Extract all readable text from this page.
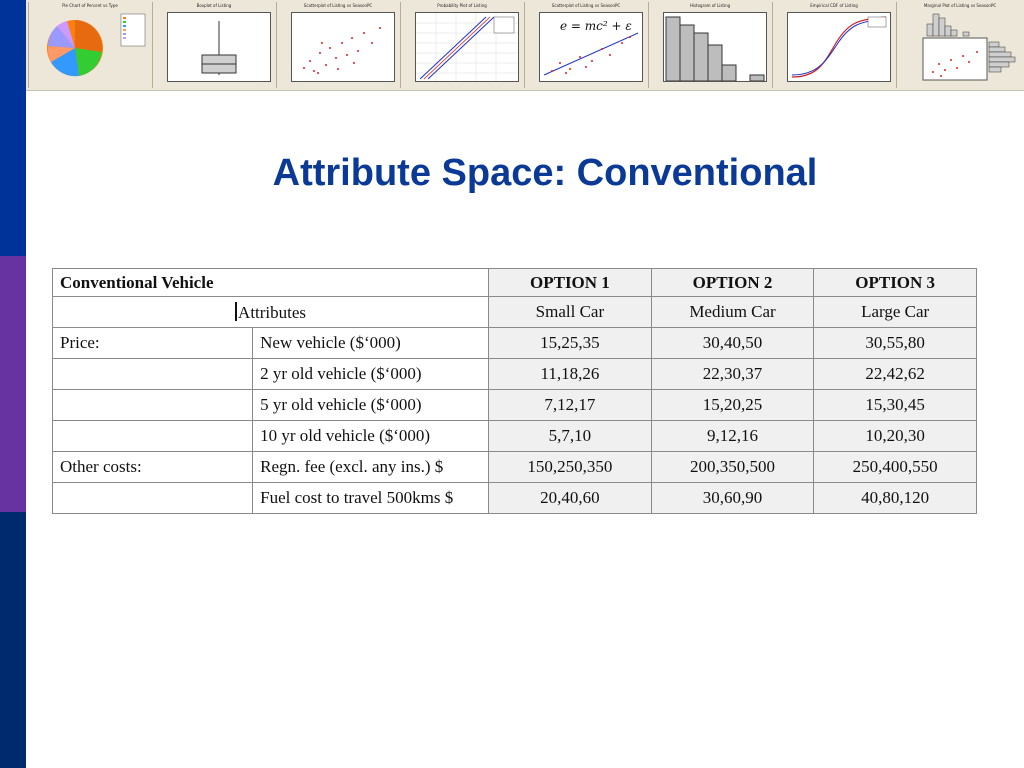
Pie Chart of Percent vs Type	Boxplot of Listing	Scatterplot of Listing vs SeasonPC	Probability Plot of Listing	Scatterplot of Listing vs SeasonPC
e = mc² + ε
Histogram of Listing	Empirical CDF of Listing	Marginal Plot of Listing vs SeasonPC
Attribute Space: Conventional
Conventional Vehicle		OPTION 1	OPTION 2	OPTION 3
Attributes		Small Car	Medium Car	Large Car
Price:	New vehicle ($‘000)	15,25,35	30,40,50	30,55,80
	2 yr old vehicle ($‘000)	11,18,26	22,30,37	22,42,62
	5 yr old vehicle ($‘000)	7,12,17	15,20,25	15,30,45
	10 yr old vehicle ($‘000)	5,7,10	9,12,16	10,20,30
Other costs:	Regn. fee (excl. any ins.) $	150,250,350	200,350,500	250,400,550
	Fuel cost to travel 500kms $	20,40,60	30,60,90	40,80,120
